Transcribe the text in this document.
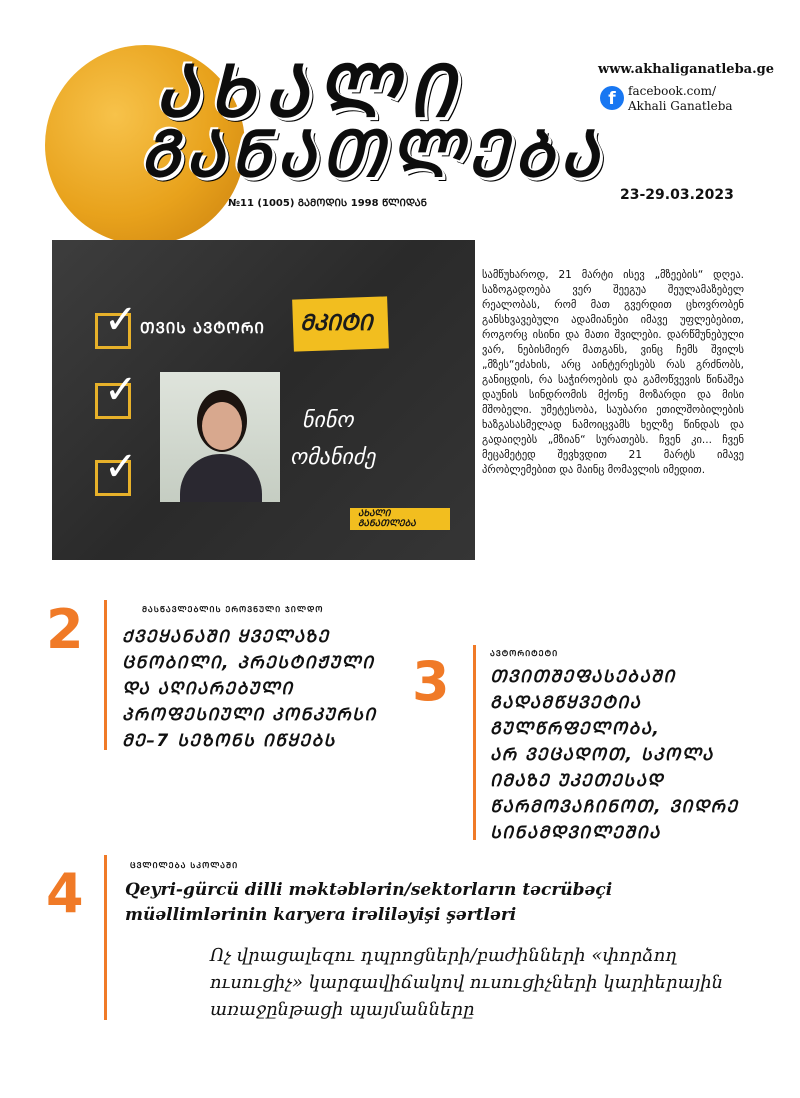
ᲐᲮᲐᲚᲘ
ᲒᲐᲜᲐᲗᲚᲔᲑᲐ
www.akhaliganatleba.ge
f	facebook.com/
Akhali Ganatleba
№11 (1005) ᲒᲐᲛᲝᲓᲘᲡ 1998 ᲬᲚᲘᲓᲐᲜ
23-29.03.2023
✓
✓
✓
ᲗᲕᲘᲡ ᲐᲕᲢᲝᲠᲘ ᲛᲙᲘᲢᲘ
ნინო
ომანიძე
ᲐᲮᲐᲚᲘ
ᲒᲐᲜᲐᲗᲚᲔᲑᲐ
სამწუხაროდ, 21 მარტი ისევ „მზეების“ დღეა. საზოგადოება ვერ შეეგუა შეულამაზებელ რეალობას, რომ მათ გვერდით ცხოვრობენ განსხვავებული ადამიანები იმავე უფლებებით, როგორც ისინი და მათი შვილები. დარწმუნებული ვარ, ნებისმიერ მათგანს, ვინც ჩემს შვილს „მზეს“ეძახის, არც აინტერესებს რას გრძნობს, განიცდის, რა საჭიროების და გამოწვევის წინაშეა დაუნის სინდრომის მქონე მოზარდი და მისი მშობელი. უმეტესობა, საუბარი ეთილშობილების ხაზგასასმელად ნამოიცვამს ხელზე წინდას და გადაიღებს „მზიან“ სურათებს. ჩვენ კი... ჩვენ მეცამეტედ შევხვდით 21 მარტს იმავე პრობლემებით და მაინც მომავლის იმედით.
2	ᲛᲐᲡᲬᲐᲕᲚᲔᲑᲚᲘᲡ ᲔᲠᲝᲕᲜᲣᲚᲘ ᲯᲘᲚᲓᲝ
ᲥᲕᲔᲧᲐᲜᲐᲨᲘ ᲧᲕᲔᲚᲐᲖᲔ
ᲪᲜᲝᲑᲘᲚᲘ, ᲞᲠᲔᲡᲢᲘᲟᲣᲚᲘ
ᲓᲐ ᲐᲦᲘᲐᲠᲔᲑᲣᲚᲘ
ᲞᲠᲝᲤᲔᲡᲘᲣᲚᲘ ᲙᲝᲜᲙᲣᲠᲡᲘ
ᲛᲔ–7 ᲡᲔᲖᲝᲜᲡ ᲘᲬᲧᲔᲑᲡ
3	ᲐᲕᲢᲝᲠᲘᲢᲔᲢᲘ
ᲗᲕᲘᲗᲨᲔᲤᲐᲡᲔᲑᲐᲨᲘ
ᲒᲐᲓᲐᲛᲬᲧᲕᲔᲢᲘᲐ
ᲒᲣᲚᲬᲠᲤᲔᲚᲝᲑᲐ,
ᲐᲠ ᲕᲔᲪᲐᲓᲝᲗ, ᲡᲙᲝᲚᲐ
ᲘᲛᲐᲖᲔ ᲣᲙᲔᲗᲔᲡᲐᲓ
ᲬᲐᲠᲛᲝᲕᲐᲩᲘᲜᲝᲗ, ᲕᲘᲓᲠᲔ
ᲡᲘᲜᲐᲛᲓᲕᲘᲚᲔᲨᲘᲐ
4	ᲪᲕᲚᲘᲚᲔᲑᲐ ᲡᲙᲝᲚᲐᲨᲘ
Qeyri-gürcü dilli məktəblərin/sektorların təcrübəçi müəllimlərinin karyera irəliləyişi şərtləri
Ոչ վրացալեզու դպրոցների/բաժինների «փորձող ուսուցիչ» կարգավիճակով ուսուցիչների կարիերային առաջընթացի պայմանները
